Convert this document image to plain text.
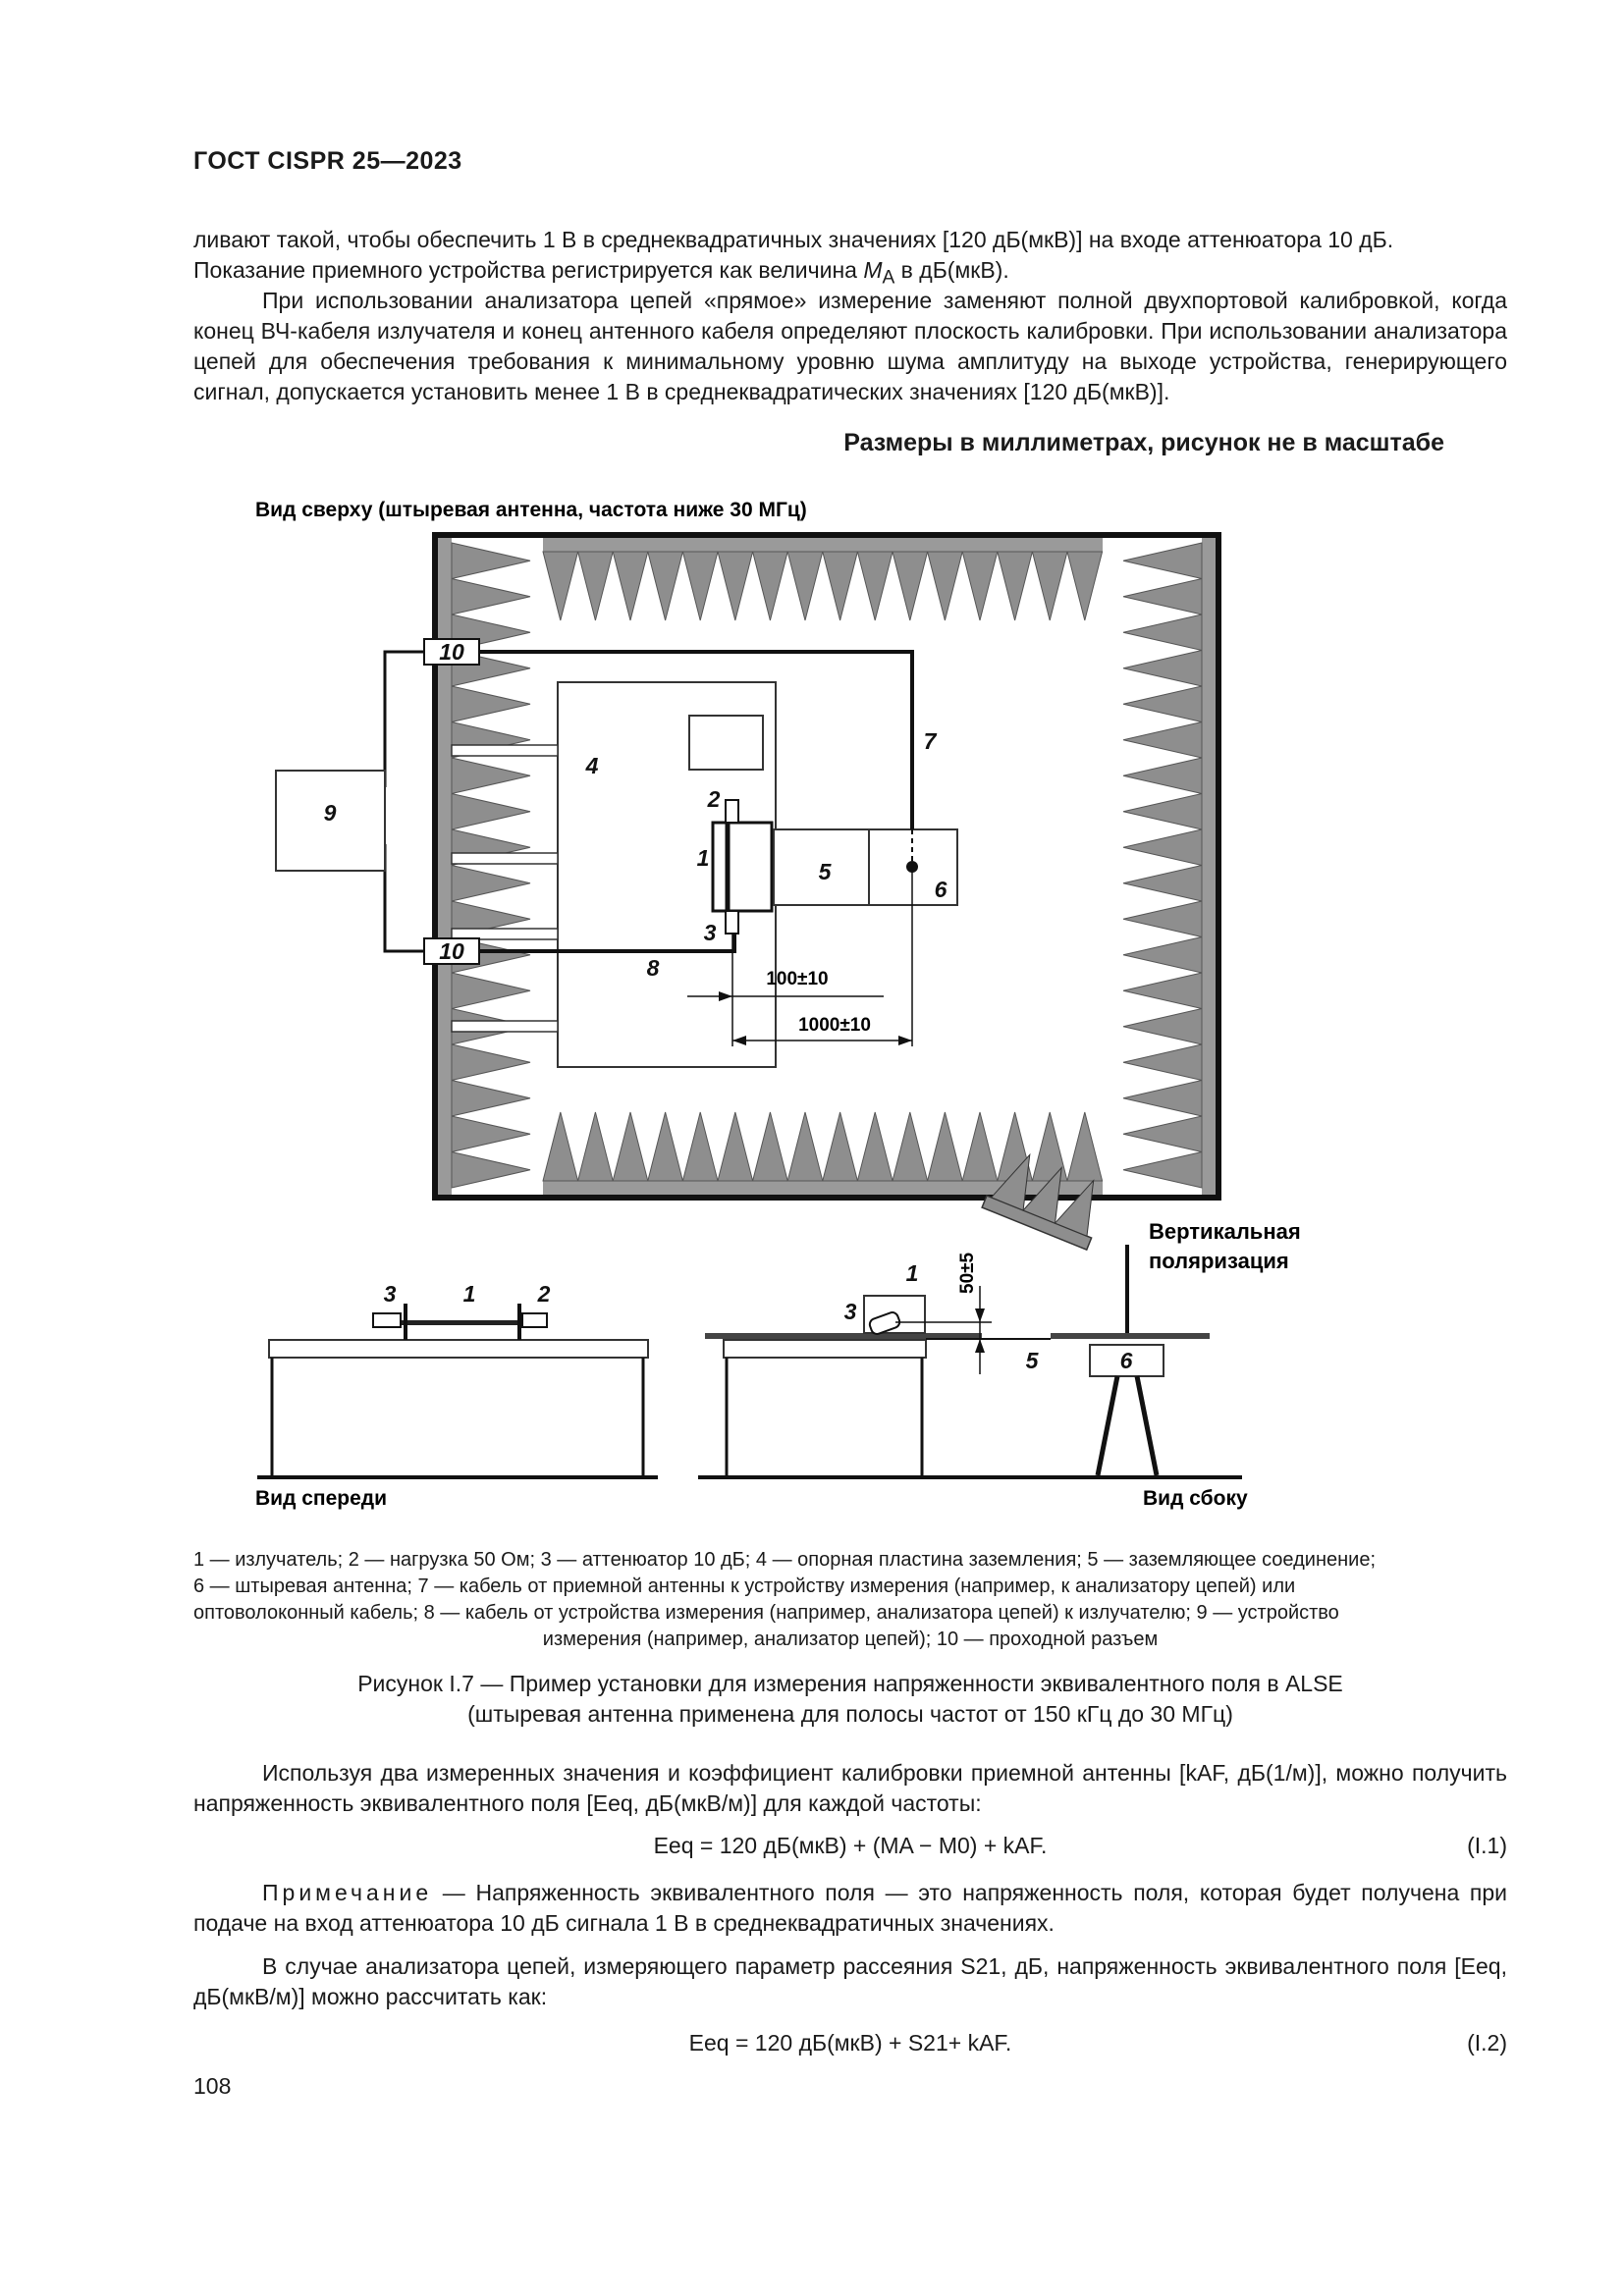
ГОСТ CISPR 25—2023

ливают такой, чтобы обеспечить 1 В в среднеквадратичных значениях [120 дБ(мкВ)] на входе аттенюатора 10 дБ.

Показание приемного устройства регистрируется как величина $M_A$ в дБ(мкВ).

При использовании анализатора цепей «прямое» измерение заменяют полной двухпортовой калибровкой, когда конец ВЧ-кабеля излучателя и конец антенного кабеля определяют плоскость калибровки. При использовании анализатора цепей для обеспечения требования к минимальному уровню шума амплитуду на выходе устройства, генерирующего сигнал, допускается установить менее 1 В в среднеквадратических значениях [120 дБ(мкВ)].

Размеры в миллиметрах, рисунок не в масштабе
Вид сверху (штыревая антенна, частота ниже 30 МГц)
100±10
1000±10
10
10
9
4
7
2
1
5
6
3
8
Вертикальная
поляризация
3	1	2
Вид спереди
50±5
1
3
5	6
Вид сбоку
1 — излучатель; 2 — нагрузка 50 Ом; 3 — аттенюатор 10 дБ; 4 — опорная пластина заземления; 5 — заземляющее соединение;
6 — штыревая антенна; 7 — кабель от приемной антенны к устройству измерения (например, к анализатору цепей) или
оптоволоконный кабель; 8 — кабель от устройства измерения (например, анализатора цепей) к излучателю; 9 — устройство
измерения (например, анализатор цепей); 10 — проходной разъем
Рисунок I.7 — Пример установки для измерения напряженности эквивалентного поля в ALSE
(штыревая антенна применена для полосы частот от 150 кГц до 30 МГц)

Используя два измеренных значения и коэффициент калибровки приемной антенны [kAF, дБ(1/м)], можно получить напряженность эквивалентного поля [Eeq, дБ(мкВ/м)] для каждой частоты:

Eeq = 120 дБ(мкВ) + (MA − M0) + kAF.	(I.1)

Примечание — Напряженность эквивалентного поля — это напряженность поля, которая будет получена при подаче на вход аттенюатора 10 дБ сигнала 1 В в среднеквадратичных значениях.

В случае анализатора цепей, измеряющего параметр рассеяния S21, дБ, напряженность эквивалентного поля [Eeq, дБ(мкВ/м)] можно рассчитать как:

Eeq = 120 дБ(мкВ) + S21+ kAF.	(I.2)
108
